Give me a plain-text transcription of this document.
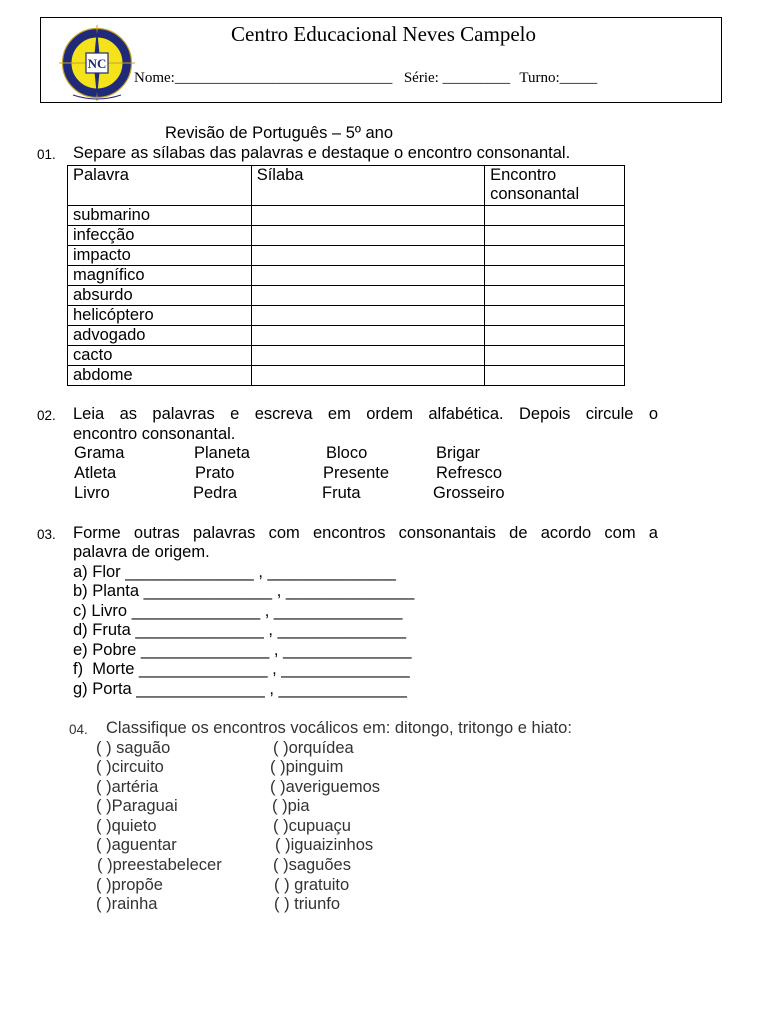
NC
Centro Educacional Neves Campelo
Nome:_____________________________ Série: _________ Turno:_____
Revisão de Português – 5º ano
01. Separe as sílabas das palavras e destaque o encontro consonantal.
Palavra	Sílaba	Encontro consonantal
submarino		
infecção		
impacto		
magnífico		
absurdo		
helicóptero		
advogado		
cacto		
abdome		
02. Leia as palavras e escreva em ordem alfabética. Depois circule o
encontro consonantal.
Grama	Planeta	Bloco	Brigar
Atleta	Prato	Presente	Refresco
Livro	Pedra	Fruta	Grosseiro
03. Forme outras palavras com encontros consonantais de acordo com a
palavra de origem.
a) Flor ______________ , ______________
b) Planta ______________ , ______________
c) Livro ______________ , ______________
d) Fruta ______________ , ______________
e) Pobre ______________ , ______________
f) Morte ______________ , ______________
g) Porta ______________ , ______________
04. Classifique os encontros vocálicos em: ditongo, tritongo e hiato:
( ) saguão
( )circuito
( )artéria
( )Paraguai
( )quieto
( )aguentar
( )preestabelecer
( )propõe
( )rainha
( )orquídea
( )pinguim
( )averiguemos
( )pia
( )cupuaçu
( )iguaizinhos
( )saguões
( ) gratuito
( ) triunfo
